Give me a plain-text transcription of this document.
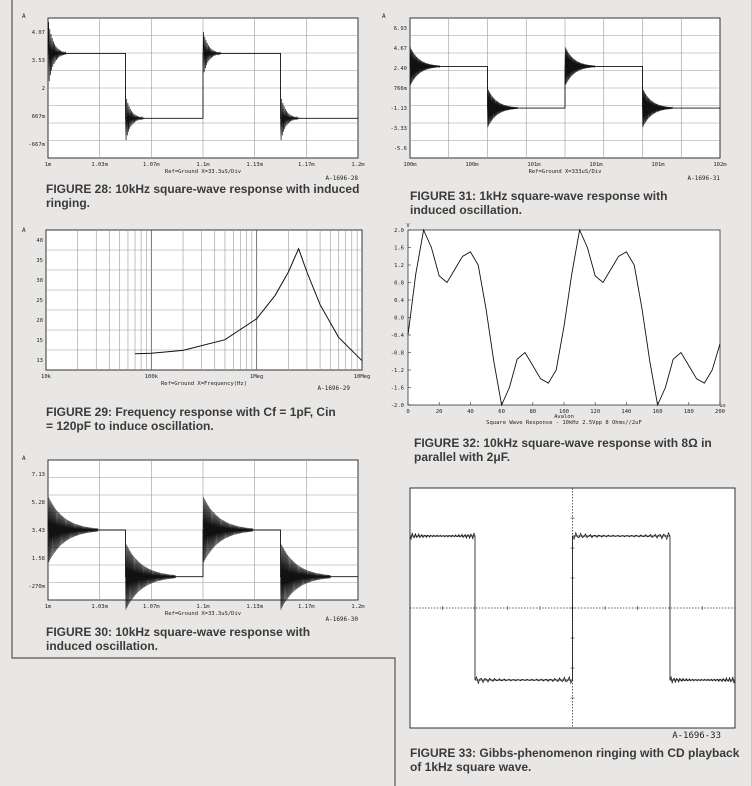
A
4.07
3.53
2
667m
-667m
1m	1.03m	1.07m	1.1m	1.13m	1.17m	1.2m
Ref=Ground X=33.3uS/Div
A-1696-28
FIGURE 28: 10kHz square-wave response with induced ringing.
A
6.93
4.67
2.40
766m
-1.13
-3.33
-5.6
100m	100m	101m	101m	101m	102m
Ref=Ground X=333uS/Div
A-1696-31
FIGURE 31: 1kHz square-wave response with induced oscillation.
A
40
35
30
25
20
15
13
10k	100k	1Meg	10Meg
Ref=Ground X=Frequency(Hz)
A-1696-29
FIGURE 29: Frequency response with Cf = 1pF, Cin = 120pF to induce oscillation.
V
2.0
1.6
1.2
0.8
0.4
0.0
-0.4
-0.8
-1.2
-1.6
-2.0
0	20	40	60	80	100	120	140	160	180	200
us
Avalon
Square Wave Response - 10kHz 2.5Vpp 8 Ohms//2uF
FIGURE 32: 10kHz square-wave response with 8Ω in parallel with 2μF.
A
7.13
5.28
3.43
1.58
-270m
1m	1.03m	1.07m	1.1m	1.13m	1.17m	1.2m
Ref=Ground X=33.3uS/Div
A-1696-30
FIGURE 30: 10kHz square-wave response with induced oscillation.
A-1696-33
FIGURE 33: Gibbs-phenomenon ringing with CD playback of 1kHz square wave.
